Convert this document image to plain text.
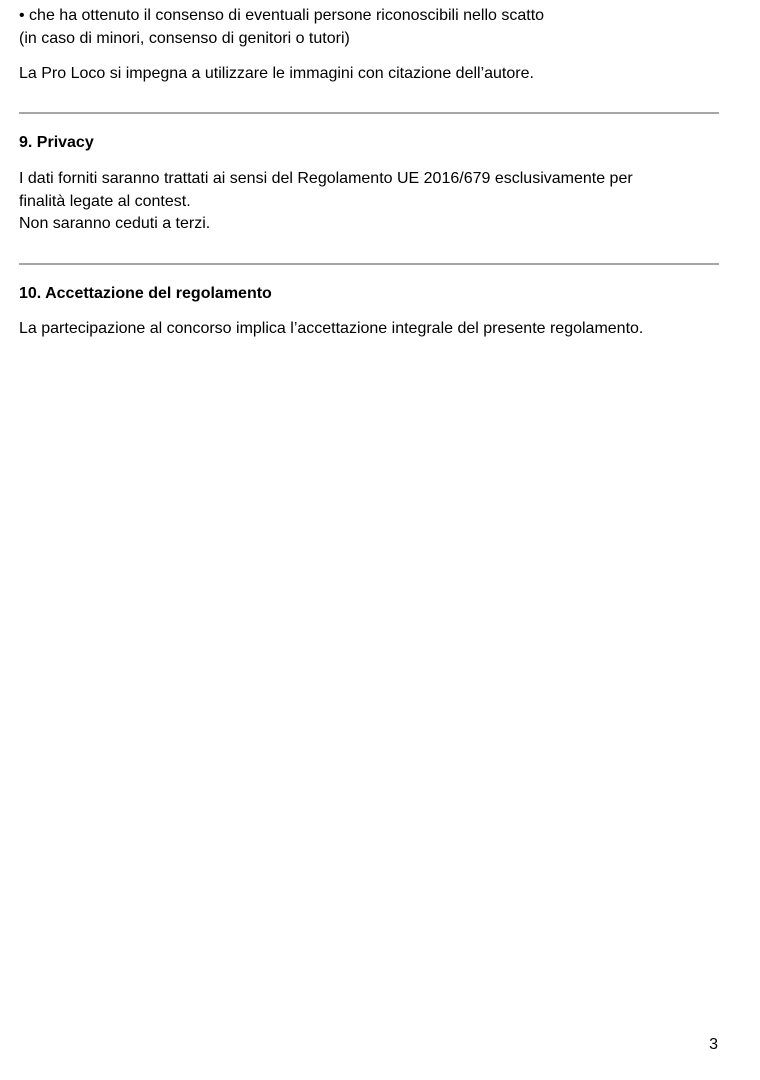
• che ha ottenuto il consenso di eventuali persone riconoscibili nello scatto
(in caso di minori, consenso di genitori o tutori)
La Pro Loco si impegna a utilizzare le immagini con citazione dell’autore.
9. Privacy
I dati forniti saranno trattati ai sensi del Regolamento UE 2016/679 esclusivamente per
finalità legate al contest.
Non saranno ceduti a terzi.
10. Accettazione del regolamento
La partecipazione al concorso implica l’accettazione integrale del presente regolamento.
3
